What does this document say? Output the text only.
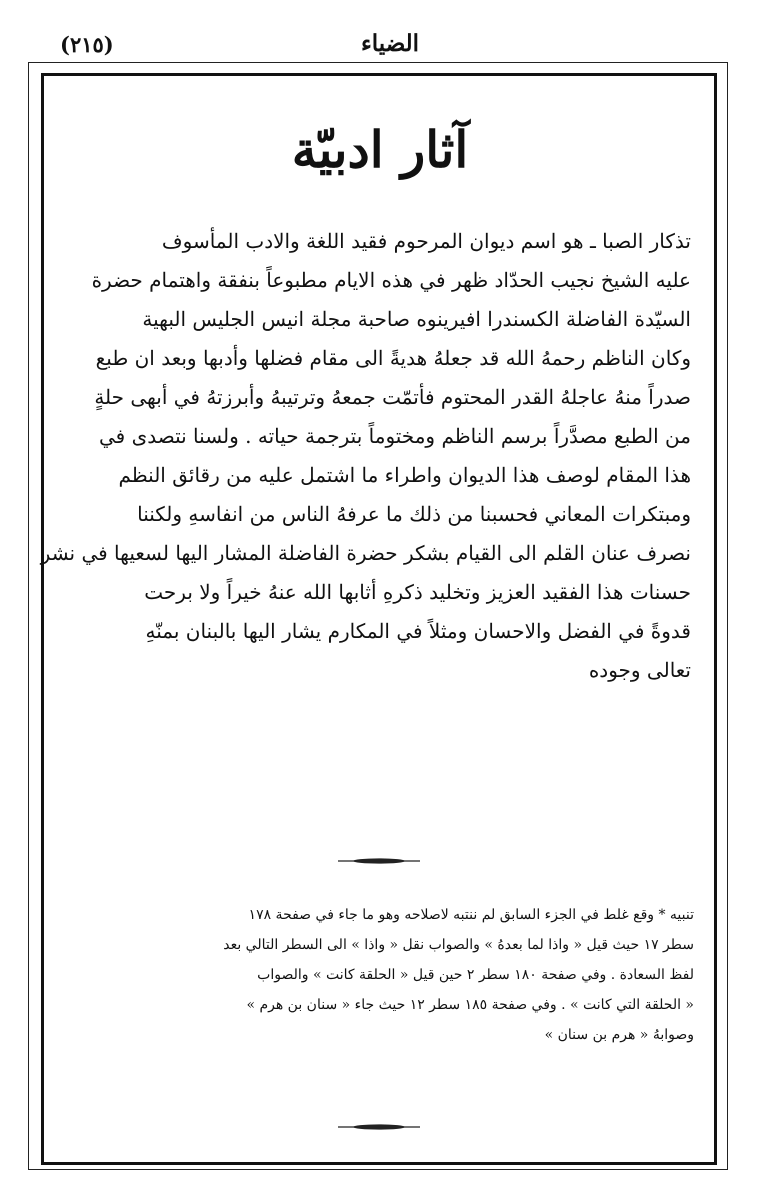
(٢١٥)	الضياء
آثار ادبيّة
تذكار الصبا ـ هو اسم ديوان المرحوم فقيد اللغة والادب المأسوف
عليه الشيخ نجيب الحدّاد ظهر في هذه الايام مطبوعاً بنفقة واهتمام حضرة
السيّدة الفاضلة الكسندرا افيرينوه صاحبة مجلة انيس الجليس البهية
وكان الناظم رحمهُ الله قد جعلهُ هديةً الى مقام فضلها وأدبها وبعد ان طبع
صدراً منهُ عاجلهُ القدر المحتوم فأتمّت جمعهُ وترتيبهُ وأبرزتهُ في أبهى حلةٍ
من الطبع مصدَّراً برسم الناظم ومختوماً بترجمة حياته . ولسنا نتصدى في
هذا المقام لوصف هذا الديوان واطراء ما اشتمل عليه من رقائق النظم
ومبتكرات المعاني فحسبنا من ذلك ما عرفهُ الناس من انفاسهِ ولكننا
نصرف عنان القلم الى القيام بشكر حضرة الفاضلة المشار اليها لسعيها في نشر
حسنات هذا الفقيد العزيز وتخليد ذكرهِ أثابها الله عنهُ خيراً ولا برحت
قدوةً في الفضل والاحسان ومثلاً في المكارم يشار اليها بالبنان بمنّهِ
تعالى وجوده
تنبيه * وقع غلط في الجزء السابق لم ننتبه لاصلاحه وهو ما جاء في صفحة ١٧٨
سطر ١٧ حيث قيل « واذا لما بعدهُ » والصواب نقل « واذا » الى السطر التالي بعد
لفظ السعادة . وفي صفحة ١٨٠ سطر ٢ حين قيل « الحلقة كانت » والصواب
« الحلقة التي كانت » . وفي صفحة ١٨٥ سطر ١٢ حيث جاء « سنان بن هرم »
وصوابهُ « هرم بن سنان »
